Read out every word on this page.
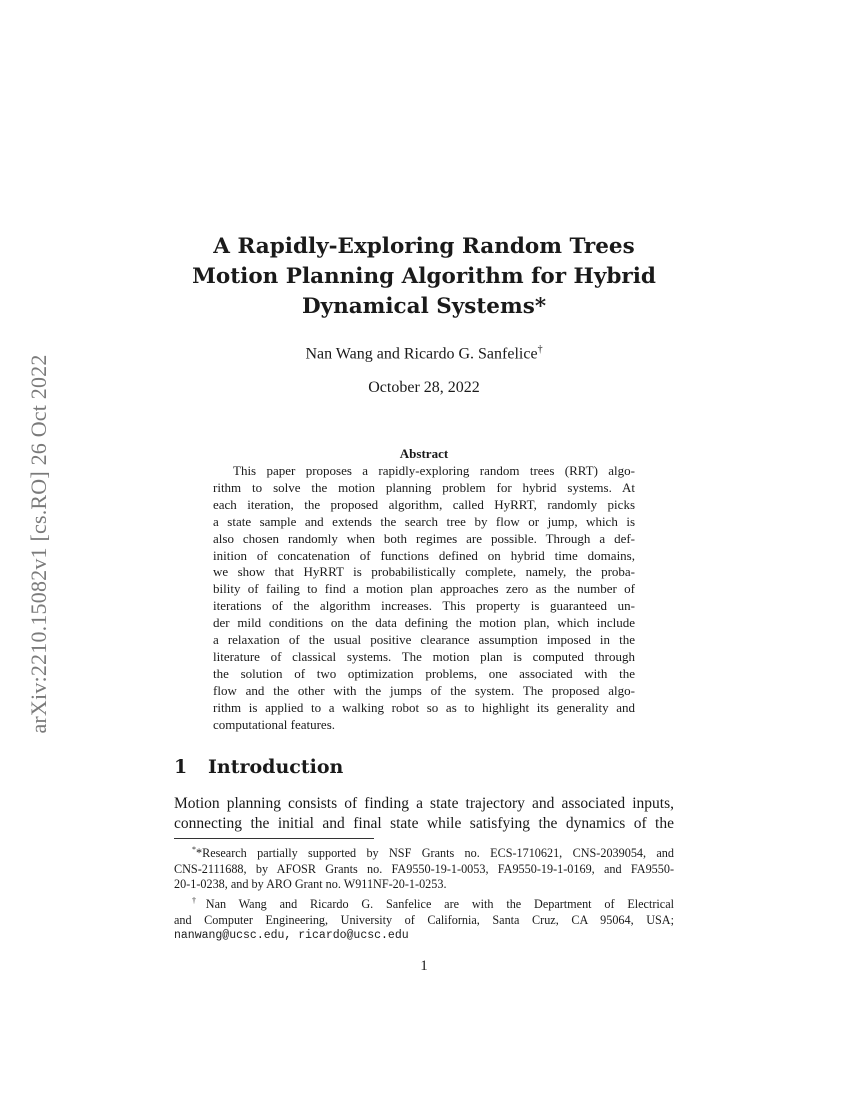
arXiv:2210.15082v1 [cs.RO] 26 Oct 2022
A Rapidly-Exploring Random Trees
Motion Planning Algorithm for Hybrid
Dynamical Systems*
Nan Wang and Ricardo G. Sanfelice†
October 28, 2022
Abstract
This paper proposes a rapidly-exploring random trees (RRT) algo-
rithm to solve the motion planning problem for hybrid systems. At
each iteration, the proposed algorithm, called HyRRT, randomly picks
a state sample and extends the search tree by flow or jump, which is
also chosen randomly when both regimes are possible. Through a def-
inition of concatenation of functions defined on hybrid time domains,
we show that HyRRT is probabilistically complete, namely, the proba-
bility of failing to find a motion plan approaches zero as the number of
iterations of the algorithm increases. This property is guaranteed un-
der mild conditions on the data defining the motion plan, which include
a relaxation of the usual positive clearance assumption imposed in the
literature of classical systems. The motion plan is computed through
the solution of two optimization problems, one associated with the
flow and the other with the jumps of the system. The proposed algo-
rithm is applied to a walking robot so as to highlight its generality and
computational features.
1 Introduction
Motion planning consists of finding a state trajectory and associated inputs,
connecting the initial and final state while satisfying the dynamics of the
**Research partially supported by NSF Grants no. ECS-1710621, CNS-2039054, and
CNS-2111688, by AFOSR Grants no. FA9550-19-1-0053, FA9550-19-1-0169, and FA9550-
20-1-0238, and by ARO Grant no. W911NF-20-1-0253.
†Nan Wang and Ricardo G. Sanfelice are with the Department of Electrical
and Computer Engineering, University of California, Santa Cruz, CA 95064, USA;
nanwang@ucsc.edu, ricardo@ucsc.edu
1
